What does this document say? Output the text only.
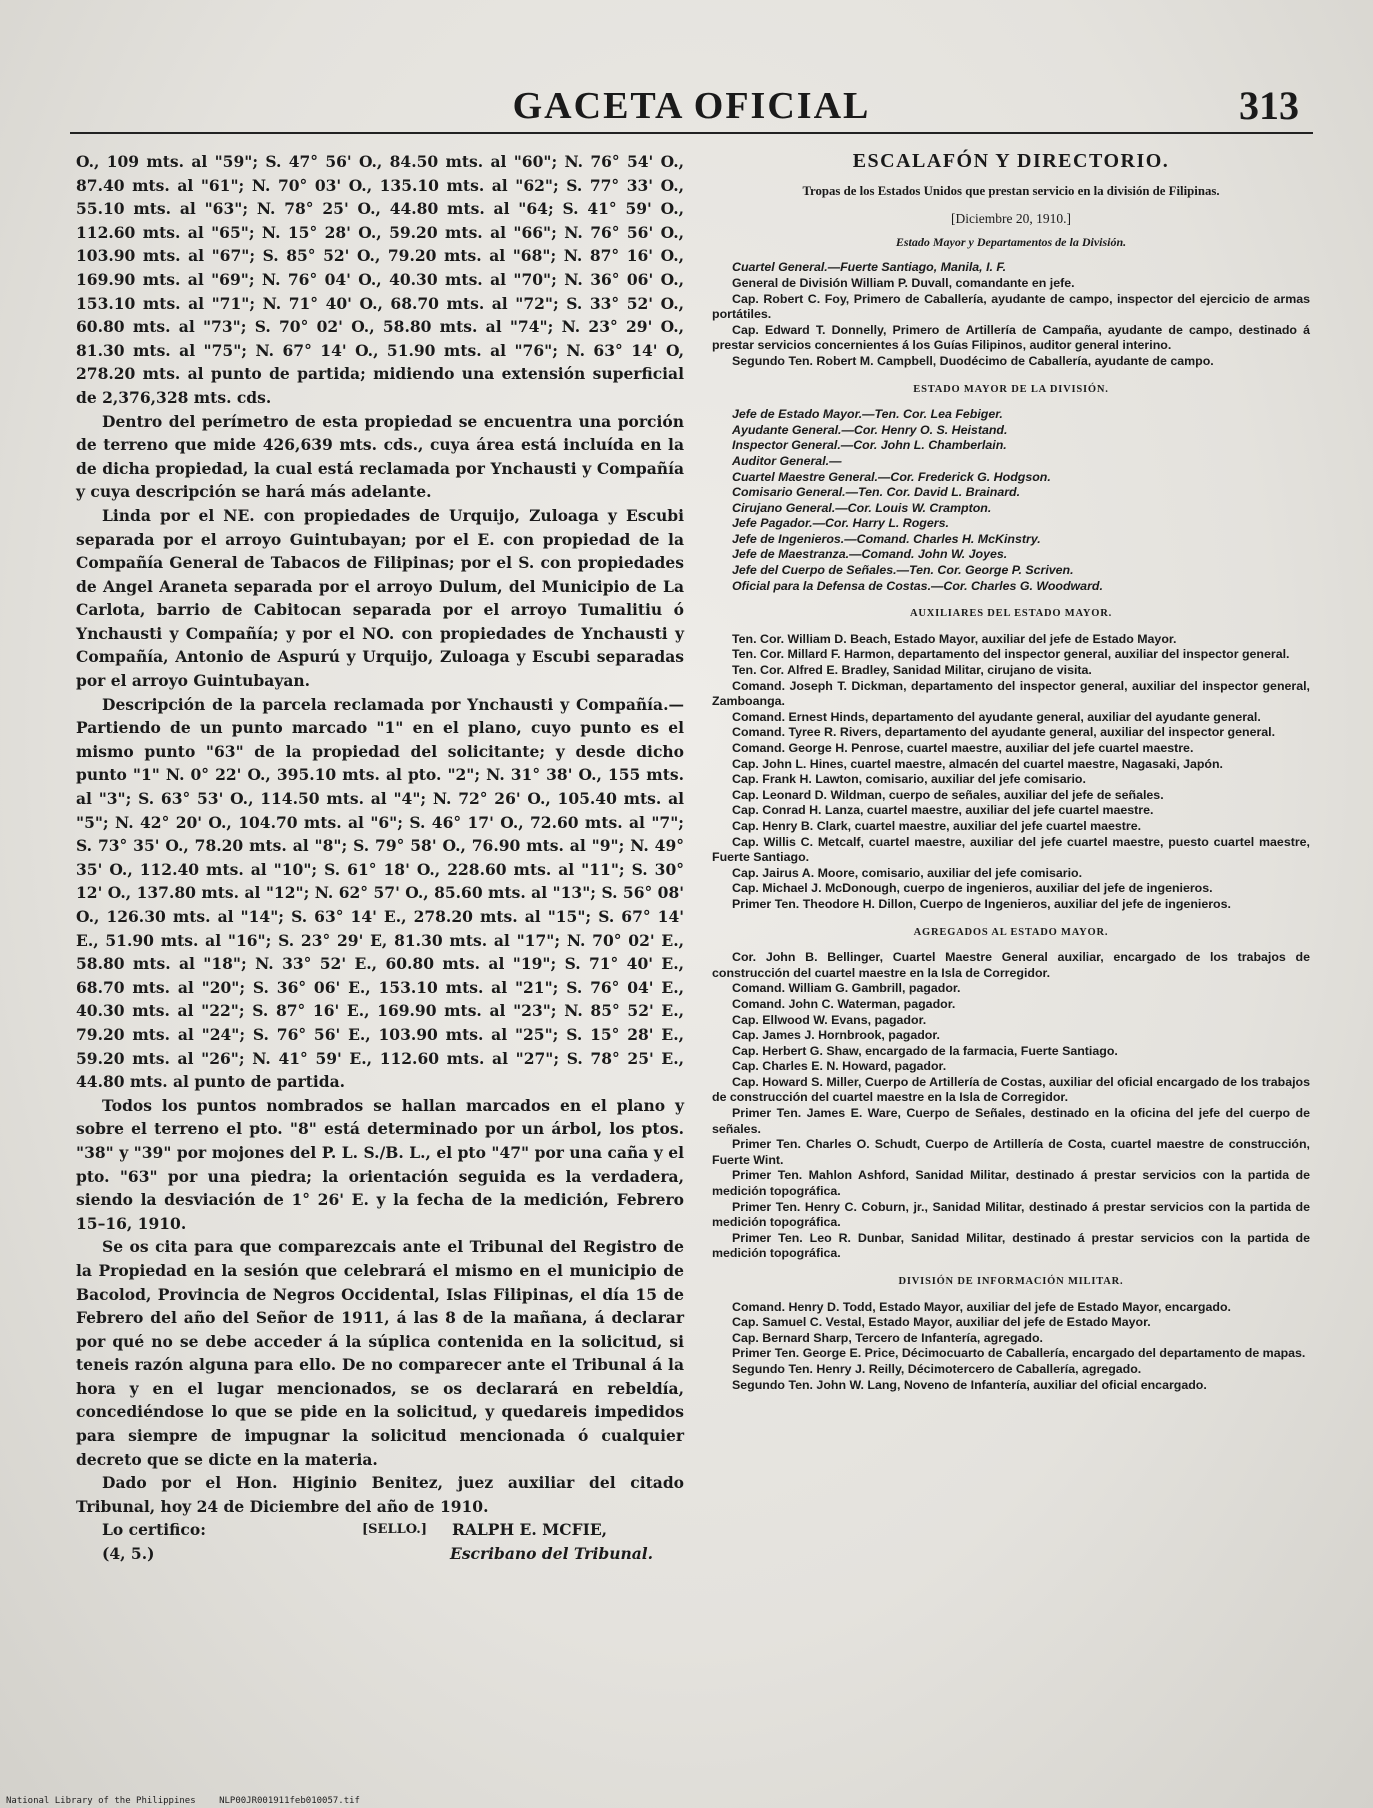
GACETA OFICIAL	313

O., 109 mts. al "59"; S. 47° 56' O., 84.50 mts. al "60"; N. 76° 54' O., 87.40 mts. al "61"; N. 70° 03' O., 135.10 mts. al "62"; S. 77° 33' O., 55.10 mts. al "63"; N. 78° 25' O., 44.80 mts. al "64; S. 41° 59' O., 112.60 mts. al "65"; N. 15° 28' O., 59.20 mts. al "66"; N. 76° 56' O., 103.90 mts. al "67"; S. 85° 52' O., 79.20 mts. al "68"; N. 87° 16' O., 169.90 mts. al "69"; N. 76° 04' O., 40.30 mts. al "70"; N. 36° 06' O., 153.10 mts. al "71"; N. 71° 40' O., 68.70 mts. al "72"; S. 33° 52' O., 60.80 mts. al "73"; S. 70° 02' O., 58.80 mts. al "74"; N. 23° 29' O., 81.30 mts. al "75"; N. 67° 14' O., 51.90 mts. al "76"; N. 63° 14' O, 278.20 mts. al punto de partida; midiendo una extensión superficial de 2,376,328 mts. cds.

Dentro del perímetro de esta propiedad se encuentra una porción de terreno que mide 426,639 mts. cds., cuya área está incluída en la de dicha propiedad, la cual está reclamada por Ynchausti y Compañía y cuya descripción se hará más adelante.

Linda por el NE. con propiedades de Urquijo, Zuloaga y Escubi separada por el arroyo Guintubayan; por el E. con propiedad de la Compañía General de Tabacos de Filipinas; por el S. con propiedades de Angel Araneta separada por el arroyo Dulum, del Municipio de La Carlota, barrio de Cabitocan separada por el arroyo Tumalitiu ó Ynchausti y Compañía; y por el NO. con propiedades de Ynchausti y Compañía, Antonio de Aspurú y Urquijo, Zuloaga y Escubi separadas por el arroyo Guintubayan.

Descripción de la parcela reclamada por Ynchausti y Compañía.—Partiendo de un punto marcado "1" en el plano, cuyo punto es el mismo punto "63" de la propiedad del solicitante; y desde dicho punto "1" N. 0° 22' O., 395.10 mts. al pto. "2"; N. 31° 38' O., 155 mts. al "3"; S. 63° 53' O., 114.50 mts. al "4"; N. 72° 26' O., 105.40 mts. al "5"; N. 42° 20' O., 104.70 mts. al "6"; S. 46° 17' O., 72.60 mts. al "7"; S. 73° 35' O., 78.20 mts. al "8"; S. 79° 58' O., 76.90 mts. al "9"; N. 49° 35' O., 112.40 mts. al "10"; S. 61° 18' O., 228.60 mts. al "11"; S. 30° 12' O., 137.80 mts. al "12"; N. 62° 57' O., 85.60 mts. al "13"; S. 56° 08' O., 126.30 mts. al "14"; S. 63° 14' E., 278.20 mts. al "15"; S. 67° 14' E., 51.90 mts. al "16"; S. 23° 29' E, 81.30 mts. al "17"; N. 70° 02' E., 58.80 mts. al "18"; N. 33° 52' E., 60.80 mts. al "19"; S. 71° 40' E., 68.70 mts. al "20"; S. 36° 06' E., 153.10 mts. al "21"; S. 76° 04' E., 40.30 mts. al "22"; S. 87° 16' E., 169.90 mts. al "23"; N. 85° 52' E., 79.20 mts. al "24"; S. 76° 56' E., 103.90 mts. al "25"; S. 15° 28' E., 59.20 mts. al "26"; N. 41° 59' E., 112.60 mts. al "27"; S. 78° 25' E., 44.80 mts. al punto de partida.

Todos los puntos nombrados se hallan marcados en el plano y sobre el terreno el pto. "8" está determinado por un árbol, los ptos. "38" y "39" por mojones del P. L. S./B. L., el pto "47" por una caña y el pto. "63" por una piedra; la orientación seguida es la verdadera, siendo la desviación de 1° 26' E. y la fecha de la medición, Febrero 15–16, 1910.

Se os cita para que comparezcais ante el Tribunal del Registro de la Propiedad en la sesión que celebrará el mismo en el municipio de Bacolod, Provincia de Negros Occidental, Islas Filipinas, el día 15 de Febrero del año del Señor de 1911, á las 8 de la mañana, á declarar por qué no se debe acceder á la súplica contenida en la solicitud, si teneis razón alguna para ello. De no comparecer ante el Tribunal á la hora y en el lugar mencionados, se os declarará en rebeldía, concediéndose lo que se pide en la solicitud, y quedareis impedidos para siempre de impugnar la solicitud mencionada ó cualquier decreto que se dicte en la materia.

Dado por el Hon. Higinio Benitez, juez auxiliar del citado Tribunal, hoy 24 de Diciembre del año de 1910.

Lo certifico:	[SELLO.] RALPH E. MCFIE,
(4, 5.)	Escribano del Tribunal.
ESCALAFÓN Y DIRECTORIO.
Tropas de los Estados Unidos que prestan servicio en la división de Filipinas.
[Diciembre 20, 1910.]
Estado Mayor y Departamentos de la División.

Cuartel General.—Fuerte Santiago, Manila, I. F.

General de División William P. Duvall, comandante en jefe.

Cap. Robert C. Foy, Primero de Caballería, ayudante de campo, inspector del ejercicio de armas portátiles.

Cap. Edward T. Donnelly, Primero de Artillería de Campaña, ayudante de campo, destinado á prestar servicios concernientes á los Guías Filipinos, auditor general interino.

Segundo Ten. Robert M. Campbell, Duodécimo de Caballería, ayudante de campo.

ESTADO MAYOR DE LA DIVISIÓN.

Jefe de Estado Mayor.—Ten. Cor. Lea Febiger.

Ayudante General.—Cor. Henry O. S. Heistand.

Inspector General.—Cor. John L. Chamberlain.

Auditor General.—

Cuartel Maestre General.—Cor. Frederick G. Hodgson.

Comisario General.—Ten. Cor. David L. Brainard.

Cirujano General.—Cor. Louis W. Crampton.

Jefe Pagador.—Cor. Harry L. Rogers.

Jefe de Ingenieros.—Comand. Charles H. McKinstry.

Jefe de Maestranza.—Comand. John W. Joyes.

Jefe del Cuerpo de Señales.—Ten. Cor. George P. Scriven.

Oficial para la Defensa de Costas.—Cor. Charles G. Woodward.

AUXILIARES DEL ESTADO MAYOR.

Ten. Cor. William D. Beach, Estado Mayor, auxiliar del jefe de Estado Mayor.

Ten. Cor. Millard F. Harmon, departamento del inspector general, auxiliar del inspector general.

Ten. Cor. Alfred E. Bradley, Sanidad Militar, cirujano de visita.

Comand. Joseph T. Dickman, departamento del inspector general, auxiliar del inspector general, Zamboanga.

Comand. Ernest Hinds, departamento del ayudante general, auxiliar del ayudante general.

Comand. Tyree R. Rivers, departamento del ayudante general, auxiliar del inspector general.

Comand. George H. Penrose, cuartel maestre, auxiliar del jefe cuartel maestre.

Cap. John L. Hines, cuartel maestre, almacén del cuartel maestre, Nagasaki, Japón.

Cap. Frank H. Lawton, comisario, auxiliar del jefe comisario.

Cap. Leonard D. Wildman, cuerpo de señales, auxiliar del jefe de señales.

Cap. Conrad H. Lanza, cuartel maestre, auxiliar del jefe cuartel maestre.

Cap. Henry B. Clark, cuartel maestre, auxiliar del jefe cuartel maestre.

Cap. Willis C. Metcalf, cuartel maestre, auxiliar del jefe cuartel maestre, puesto cuartel maestre, Fuerte Santiago.

Cap. Jairus A. Moore, comisario, auxiliar del jefe comisario.

Cap. Michael J. McDonough, cuerpo de ingenieros, auxiliar del jefe de ingenieros.

Primer Ten. Theodore H. Dillon, Cuerpo de Ingenieros, auxiliar del jefe de ingenieros.

AGREGADOS AL ESTADO MAYOR.

Cor. John B. Bellinger, Cuartel Maestre General auxiliar, encargado de los trabajos de construcción del cuartel maestre en la Isla de Corregidor.

Comand. William G. Gambrill, pagador.

Comand. John C. Waterman, pagador.

Cap. Ellwood W. Evans, pagador.

Cap. James J. Hornbrook, pagador.

Cap. Herbert G. Shaw, encargado de la farmacia, Fuerte Santiago.

Cap. Charles E. N. Howard, pagador.

Cap. Howard S. Miller, Cuerpo de Artillería de Costas, auxiliar del oficial encargado de los trabajos de construcción del cuartel maestre en la Isla de Corregidor.

Primer Ten. James E. Ware, Cuerpo de Señales, destinado en la oficina del jefe del cuerpo de señales.

Primer Ten. Charles O. Schudt, Cuerpo de Artillería de Costa, cuartel maestre de construcción, Fuerte Wint.

Primer Ten. Mahlon Ashford, Sanidad Militar, destinado á prestar servicios con la partida de medición topográfica.

Primer Ten. Henry C. Coburn, jr., Sanidad Militar, destinado á prestar servicios con la partida de medición topográfica.

Primer Ten. Leo R. Dunbar, Sanidad Militar, destinado á prestar servicios con la partida de medición topográfica.

DIVISIÓN DE INFORMACIÓN MILITAR.

Comand. Henry D. Todd, Estado Mayor, auxiliar del jefe de Estado Mayor, encargado.

Cap. Samuel C. Vestal, Estado Mayor, auxiliar del jefe de Estado Mayor.

Cap. Bernard Sharp, Tercero de Infantería, agregado.

Primer Ten. George E. Price, Décimocuarto de Caballería, encargado del departamento de mapas.

Segundo Ten. Henry J. Reilly, Décimotercero de Caballería, agregado.

Segundo Ten. John W. Lang, Noveno de Infantería, auxiliar del oficial encargado.

National Library of the Philippines	NLP00JR001911feb010057.tif
